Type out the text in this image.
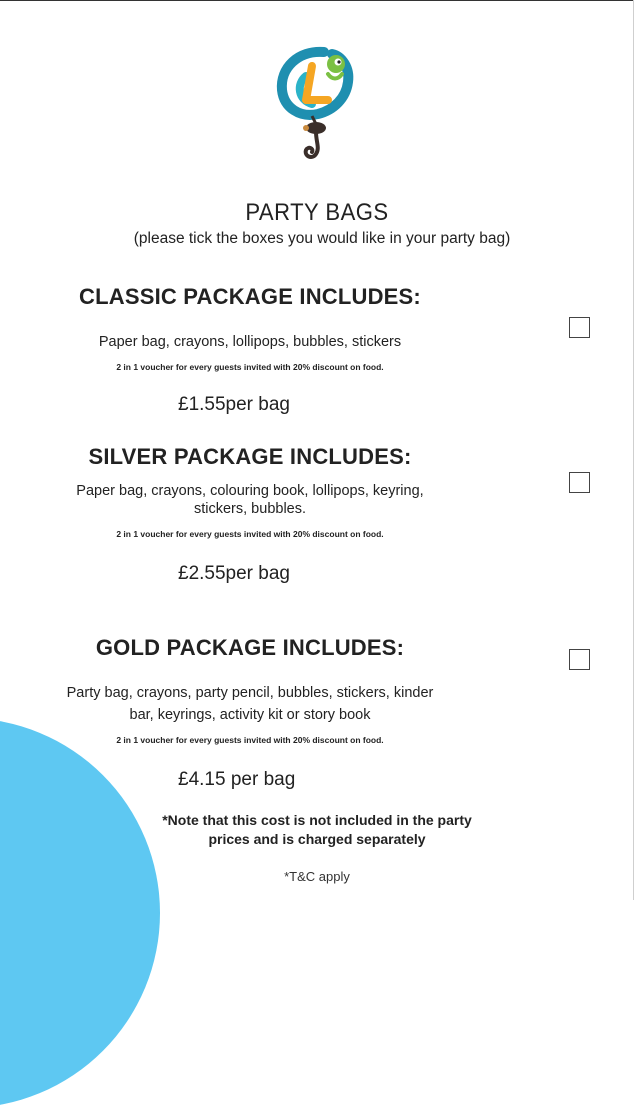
PARTY BAGS
(please tick the boxes you would like in your party bag)
CLASSIC PACKAGE INCLUDES:
Paper bag, crayons, lollipops, bubbles, stickers
2 in 1 voucher for every guests invited with 20% discount on food.
£1.55per bag
SILVER PACKAGE INCLUDES:
Paper bag, crayons, colouring book, lollipops, keyring,
stickers, bubbles.
2 in 1 voucher for every guests invited with 20% discount on food.
£2.55per bag
GOLD PACKAGE INCLUDES:
Party bag, crayons, party pencil, bubbles, stickers, kinder
bar, keyrings, activity kit or story book
2 in 1 voucher for every guests invited with 20% discount on food.
£4.15 per bag
*Note that this cost is not included in the party
prices and is charged separately
*T&C apply
